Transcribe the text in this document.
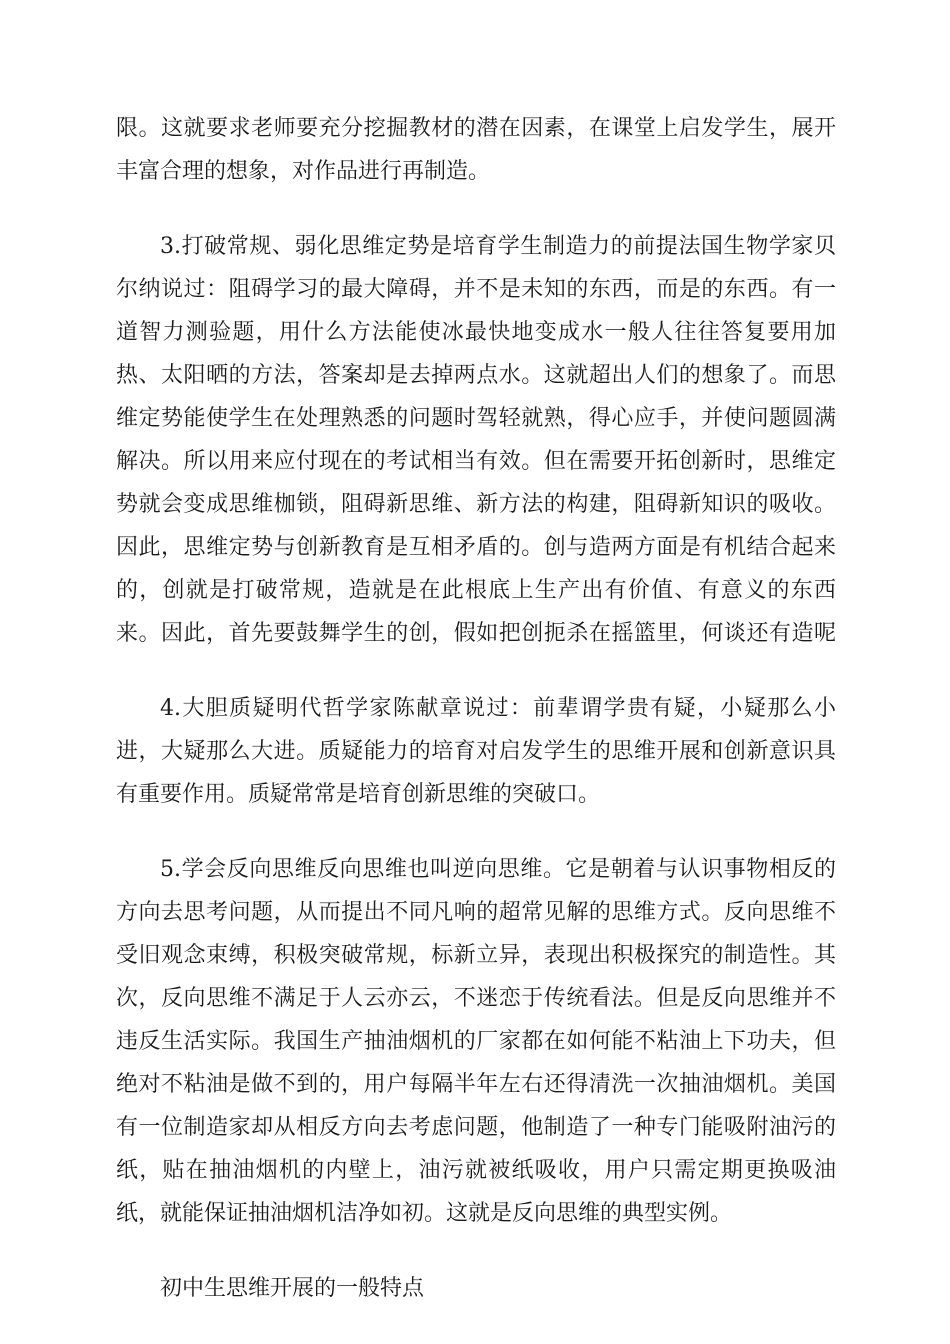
限。这就要求老师要充分挖掘教材的潜在因素，在课堂上启发学生，展开
丰富合理的想象，对作品进行再制造。
3.打破常规、弱化思维定势是培育学生制造力的前提法国生物学家贝
尔纳说过：阻碍学习的最大障碍，并不是未知的东西，而是的东西。有一
道智力测验题，用什么方法能使冰最快地变成水一般人往往答复要用加
热、太阳晒的方法，答案却是去掉两点水。这就超出人们的想象了。而思
维定势能使学生在处理熟悉的问题时驾轻就熟，得心应手，并使问题圆满
解决。所以用来应付现在的考试相当有效。但在需要开拓创新时，思维定
势就会变成思维枷锁，阻碍新思维、新方法的构建，阻碍新知识的吸收。
因此，思维定势与创新教育是互相矛盾的。创与造两方面是有机结合起来
的，创就是打破常规，造就是在此根底上生产出有价值、有意义的东西
来。因此，首先要鼓舞学生的创，假如把创扼杀在摇篮里，何谈还有造呢
4.大胆质疑明代哲学家陈献章说过：前辈谓学贵有疑，小疑那么小
进，大疑那么大进。质疑能力的培育对启发学生的思维开展和创新意识具
有重要作用。质疑常常是培育创新思维的突破口。
5.学会反向思维反向思维也叫逆向思维。它是朝着与认识事物相反的
方向去思考问题，从而提出不同凡响的超常见解的思维方式。反向思维不
受旧观念束缚，积极突破常规，标新立异，表现出积极探究的制造性。其
次，反向思维不满足于人云亦云，不迷恋于传统看法。但是反向思维并不
违反生活实际。我国生产抽油烟机的厂家都在如何能不粘油上下功夫，但
绝对不粘油是做不到的，用户每隔半年左右还得清洗一次抽油烟机。美国
有一位制造家却从相反方向去考虑问题，他制造了一种专门能吸附油污的
纸，贴在抽油烟机的内壁上，油污就被纸吸收，用户只需定期更换吸油
纸，就能保证抽油烟机洁净如初。这就是反向思维的典型实例。
初中生思维开展的一般特点
